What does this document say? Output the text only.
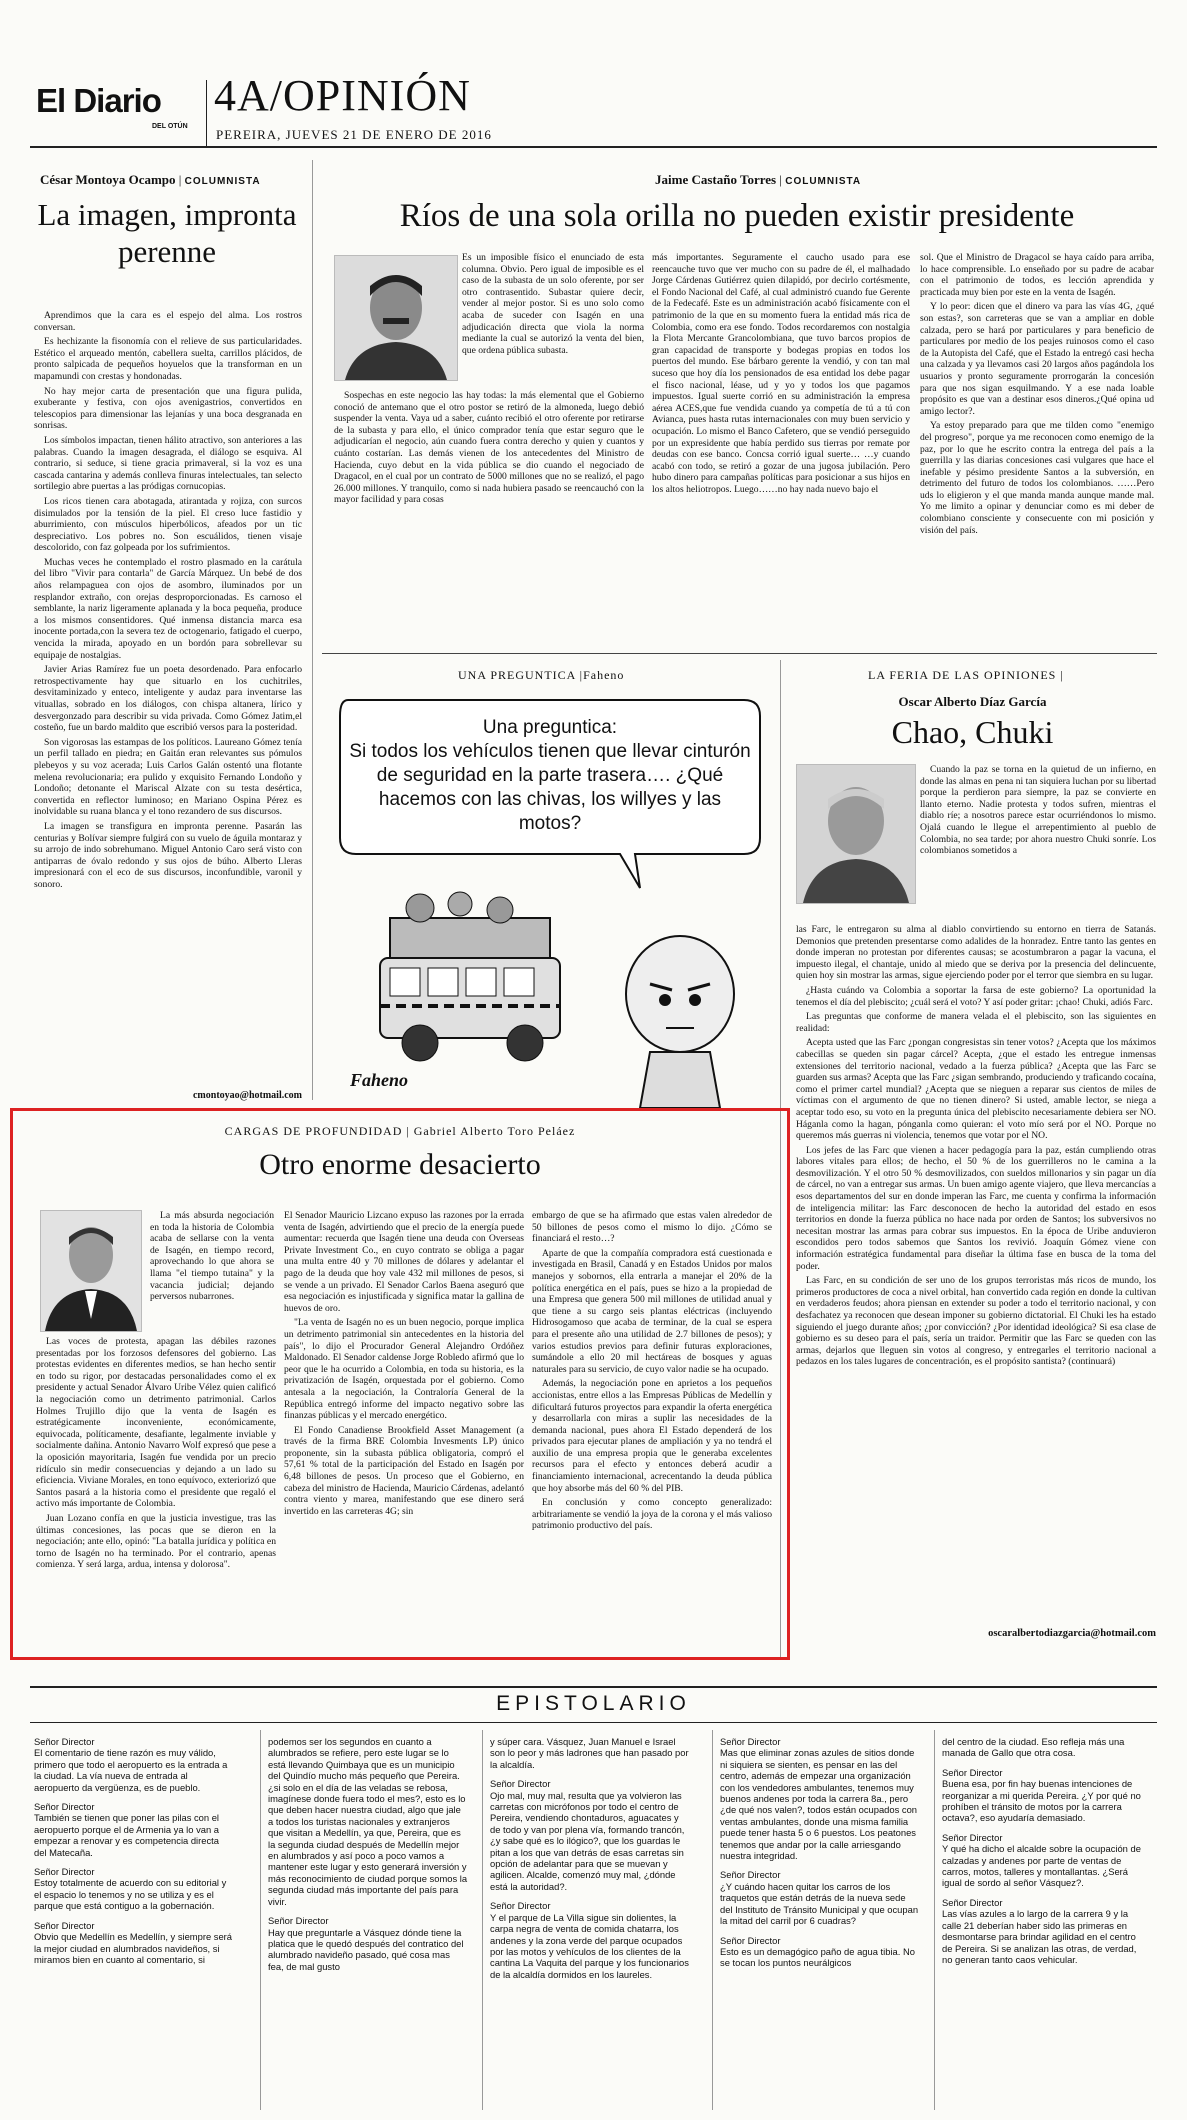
El Diario
DEL OTÚN
4A/OPINIÓN
PEREIRA, JUEVES 21 DE ENERO DE 2016
César Montoya Ocampo | COLUMNISTA
La imagen, impronta perenne

Aprendimos que la cara es el espejo del alma. Los rostros conversan.

Es hechizante la fisonomía con el relieve de sus particularidades. Estético el arqueado mentón, cabellera suelta, carrillos plácidos, de pronto salpicada de pequeños hoyuelos que la transforman en un mapamundi con crestas y hondonadas.

No hay mejor carta de presentación que una figura pulida, exuberante y festiva, con ojos avenigastrios, convertidos en telescopios para dimensionar las lejanías y una boca desgranada en sonrisas.

Los símbolos impactan, tienen hálito atractivo, son anteriores a las palabras. Cuando la imagen desagrada, el diálogo se esquiva. Al contrario, si seduce, si tiene gracia primaveral, si la voz es una cascada cantarina y además conlleva finuras intelectuales, tan selecto sortilegio abre puertas a las pródigas cornucopias.

Los ricos tienen cara abotagada, atirantada y rojiza, con surcos disimulados por la tensión de la piel. El creso luce fastidio y aburrimiento, con músculos hiperbólicos, afeados por un tic despreciativo. Los pobres no. Son escuálidos, tienen visaje descolorido, con faz golpeada por los sufrimientos.

Muchas veces he contemplado el rostro plasmado en la carátula del libro "Vivir para contarla" de García Márquez. Un bebé de dos años relampaguea con ojos de asombro, iluminados por un resplandor extraño, con orejas desproporcionadas. Es carnoso el semblante, la nariz ligeramente aplanada y la boca pequeña, produce a los mismos consentidores. Qué inmensa distancia marca esa inocente portada,con la severa tez de octogenario, fatigado el cuerpo, vencida la mirada, apoyado en un bordón para sobrellevar su equipaje de nostalgias.

Javier Arias Ramírez fue un poeta desordenado. Para enfocarlo retrospectivamente hay que situarlo en los cuchitriles, desvitaminizado y enteco, inteligente y audaz para inventarse las vituallas, sobrado en los diálogos, con chispa altanera, lírico y desvergonzado para describir su vida privada. Como Gómez Jatim,el costeño, fue un bardo maldito que escribió versos para la posteridad.

Son vigorosas las estampas de los políticos. Laureano Gómez tenía un perfil tallado en piedra; en Gaitán eran relevantes sus pómulos plebeyos y su voz acerada; Luis Carlos Galán ostentó una flotante melena revolucionaria; era pulido y exquisito Fernando Londoño y Londoño; detonante el Mariscal Alzate con su testa desértica, convertida en reflector luminoso; en Mariano Ospina Pérez es inolvidable su ruana blanca y el tono rezandero de sus discursos.

La imagen se transfigura en impronta perenne. Pasarán las centurias y Bolívar siempre fulgirá con su vuelo de águila montaraz y su arrojo de indo sobrehumano. Miguel Antonio Caro será visto con antiparras de óvalo redondo y sus ojos de búho. Alberto Lleras impresionará con el eco de sus discursos, inconfundible, varonil y sonoro.

cmontoyao@hotmail.com
Jaime Castaño Torres | COLUMNISTA
Ríos de una sola orilla no pueden existir presidente

Es un imposible físico el enunciado de esta columna. Obvio. Pero igual de imposible es el caso de la subasta de un solo oferente, por ser otro contrasentido. Subastar quiere decir, vender al mejor postor. Si es uno solo como acaba de suceder con Isagén en una adjudicación directa que viola la norma mediante la cual se autorizó la venta del bien, que ordena pública subasta.

Sospechas en este negocio las hay todas: la más elemental que el Gobierno conoció de antemano que el otro postor se retiró de la almoneda, luego debió suspender la venta. Vaya ud a saber, cuánto recibió el otro oferente por retirarse de la subasta y para ello, el único comprador tenía que estar seguro que le adjudicarían el negocio, aún cuando fuera contra derecho y quien y cuantos y cuánto costarían. Las demás vienen de los antecedentes del Ministro de Hacienda, cuyo debut en la vida pública se dio cuando el negociado de Dragacol, en el cual por un contrato de 5000 millones que no se realizó, el pago 26.000 millones. Y tranquilo, como si nada hubiera pasado se reencauchó con la mayor facilidad y para cosas

más importantes. Seguramente el caucho usado para ese reencauche tuvo que ver mucho con su padre de él, el malhadado Jorge Cárdenas Gutiérrez quien dilapidó, por decirlo cortésmente, el Fondo Nacional del Café, al cual administró cuando fue Gerente de la Fedecafé. Este es un administración acabó físicamente con el patrimonio de la que en su momento fuera la entidad más rica de Colombia, como era ese fondo. Todos recordaremos con nostalgia la Flota Mercante Grancolombiana, que tuvo barcos propios de gran capacidad de transporte y bodegas propias en todos los puertos del mundo. Ese bárbaro gerente la vendió, y con tan mal suceso que hoy día los pensionados de esa entidad los debe pagar el fisco nacional, léase, ud y yo y todos los que pagamos impuestos. Igual suerte corrió en su administración la empresa aérea ACES,que fue vendida cuando ya competía de tú a tú con Avianca, pues hasta rutas internacionales con muy buen servicio y ocupación. Lo mismo el Banco Cafetero, que se vendió perseguido por un expresidente que había perdido sus tierras por remate por deudas con ese banco. Concsa corrió igual suerte… …y cuando acabó con todo, se retiró a gozar de una jugosa jubilación. Pero hubo dinero para campañas políticas para posicionar a sus hijos en los altos heliotropos. Luego……no hay nada nuevo bajo el

sol. Que el Ministro de Dragacol se haya caído para arriba, lo hace comprensible. Lo enseñado por su padre de acabar con el patrimonio de todos, es lección aprendida y practicada muy bien por este en la venta de Isagén.

Y lo peor: dicen que el dinero va para las vías 4G, ¿qué son estas?, son carreteras que se van a ampliar en doble calzada, pero se hará por particulares y para beneficio de particulares por medio de los peajes ruinosos como el caso de la Autopista del Café, que el Estado la entregó casi hecha una calzada y ya llevamos casi 20 largos años pagándola los usuarios y pronto seguramente prorrogarán la concesión para que nos sigan esquilmando. Y a ese nada loable propósito es que van a destinar esos dineros.¿Qué opina ud amigo lector?.

Ya estoy preparado para que me tilden como "enemigo del progreso", porque ya me reconocen como enemigo de la paz, por lo que he escrito contra la entrega del país a la guerrilla y las diarias concesiones casi vulgares que hace el inefable y pésimo presidente Santos a la subversión, en detrimento del futuro de todos los colombianos. ……Pero uds lo eligieron y el que manda manda aunque mande mal. Yo me limito a opinar y denunciar como es mi deber de colombiano consciente y consecuente con mi posición y visión del país.

UNA PREGUNTICA |Faheno
Una preguntica:
Si todos los vehículos tienen que llevar cinturón de seguridad en la parte trasera…. ¿Qué hacemos con las chivas, los willyes y las motos?
Faheno
LA FERIA DE LAS OPINIONES |
Oscar Alberto Díaz García
Chao, Chuki

Cuando la paz se torna en la quietud de un infierno, en donde las almas en pena ni tan siquiera luchan por su libertad porque la perdieron para siempre, la paz se convierte en llanto eterno. Nadie protesta y todos sufren, mientras el diablo ríe; a nosotros parece estar ocurriéndonos lo mismo. Ojalá cuando le llegue el arrepentimiento al pueblo de Colombia, no sea tarde; por ahora nuestro Chuki sonríe. Los colombianos sometidos a

las Farc, le entregaron su alma al diablo convirtiendo su entorno en tierra de Satanás. Demonios que pretenden presentarse como adalides de la honradez. Entre tanto las gentes en donde imperan no protestan por diferentes causas; se acostumbraron a pagar la vacuna, el impuesto ilegal, el chantaje, unido al miedo que se deriva por la presencia del delincuente, quien hoy sin mostrar las armas, sigue ejerciendo poder por el terror que siembra en su lugar.

¿Hasta cuándo va Colombia a soportar la farsa de este gobierno? La oportunidad la tenemos el día del plebiscito; ¿cuál será el voto? Y así poder gritar: ¡chao! Chuki, adiós Farc.

Las preguntas que conforme de manera velada el el plebiscito, son las siguientes en realidad:

Acepta usted que las Farc ¿pongan congresistas sin tener votos? ¿Acepta que los máximos cabecillas se queden sin pagar cárcel? Acepta, ¿que el estado les entregue inmensas extensiones del territorio nacional, vedado a la fuerza pública? ¿Acepta que las Farc se guarden sus armas? Acepta que las Farc ¿sigan sembrando, produciendo y traficando cocaína, como el primer cartel mundial? ¿Acepta que se nieguen a reparar sus cientos de miles de víctimas con el argumento de que no tienen dinero? Si usted, amable lector, se niega a aceptar todo eso, su voto en la pregunta única del plebiscito necesariamente debiera ser NO. Háganla como la hagan, pónganla como quieran: el voto mío será por el NO. Porque no queremos más guerras ni violencia, tenemos que votar por el NO.

Los jefes de las Farc que vienen a hacer pedagogía para la paz, están cumpliendo otras labores vitales para ellos; de hecho, el 50 % de los guerrilleros no le camina a la desmovilización. Y el otro 50 % desmovilizados, con sueldos millonarios y sin pagar un día de cárcel, no van a entregar sus armas. Un buen amigo agente viajero, que lleva mercancías a esos departamentos del sur en donde imperan las Farc, me cuenta y confirma la información de inteligencia militar: las Farc desconocen de hecho la autoridad del estado en esos territorios en donde la fuerza pública no hace nada por orden de Santos; los subversivos no necesitan mostrar las armas para cobrar sus impuestos. En la época de Uribe anduvieron escondidos pero todos sabemos que Santos los revivió. Joaquín Gómez viene con información estratégica fundamental para diseñar la última fase en busca de la toma del poder.

Las Farc, en su condición de ser uno de los grupos terroristas más ricos de mundo, los primeros productores de coca a nivel orbital, han convertido cada región en donde la cultivan en verdaderos feudos; ahora piensan en extender su poder a todo el territorio nacional, y con desfachatez ya reconocen que desean imponer su gobierno dictatorial. El Chuki les ha estado siguiendo el juego durante años; ¿por convicción? ¿Por identidad ideológica? Si esa clase de gobierno es su deseo para el país, sería un traidor. Permitir que las Farc se queden con las armas, dejarlos que lleguen sin votos al congreso, y entregarles el territorio nacional a pedazos en los tales lugares de concentración, es el propósito santista? (continuará)

oscaralbertodiazgarcia@hotmail.com
CARGAS DE PROFUNDIDAD | Gabriel Alberto Toro Peláez
Otro enorme desacierto

La más absurda negociación en toda la historia de Colombia acaba de sellarse con la venta de Isagén, en tiempo record, aprovechando lo que ahora se llama "el tiempo tutaina" y la vacancia judicial; dejando perversos nubarrones.

Las voces de protesta, apagan las débiles razones presentadas por los forzosos defensores del gobierno. Las protestas evidentes en diferentes medios, se han hecho sentir en todo su rigor, por destacadas personalidades como el ex presidente y actual Senador Álvaro Uribe Vélez quien calificó la negociación como un detrimento patrimonial. Carlos Holmes Trujillo dijo que la venta de Isagén es estratégicamente inconveniente, económicamente, equivocada, políticamente, desafiante, legalmente inviable y socialmente dañina. Antonio Navarro Wolf expresó que pese a la oposición mayoritaria, Isagén fue vendida por un precio ridículo sin medir consecuencias y dejando a un lado su eficiencia. Viviane Morales, en tono equívoco, exteriorizó que Santos pasará a la historia como el presidente que regaló el activo más importante de Colombia.

Juan Lozano confía en que la justicia investigue, tras las últimas concesiones, las pocas que se dieron en la negociación; ante ello, opinó: "La batalla jurídica y política en torno de Isagén no ha terminado. Por el contrario, apenas comienza. Y será larga, ardua, intensa y dolorosa".

El Senador Mauricio Lizcano expuso las razones por la errada venta de Isagén, advirtiendo que el precio de la energía puede aumentar: recuerda que Isagén tiene una deuda con Overseas Private Investment Co., en cuyo contrato se obliga a pagar una multa entre 40 y 70 millones de dólares y adelantar el pago de la deuda que hoy vale 432 mil millones de pesos, si se vende a un privado. El Senador Carlos Baena aseguró que esa negociación es injustificada y significa matar la gallina de huevos de oro.

"La venta de Isagén no es un buen negocio, porque implica un detrimento patrimonial sin antecedentes en la historia del país", lo dijo el Procurador General Alejandro Ordóñez Maldonado. El Senador caldense Jorge Robledo afirmó que lo peor que le ha ocurrido a Colombia, en toda su historia, es la privatización de Isagén, orquestada por el gobierno. Como antesala a la negociación, la Contraloría General de la República entregó informe del impacto negativo sobre las finanzas públicas y el mercado energético.

El Fondo Canadiense Brookfield Asset Management (a través de la firma BRE Colombia Invesments LP) único proponente, sin la subasta pública obligatoria, compró el 57,61 % total de la participación del Estado en Isagén por 6,48 billones de pesos. Un proceso que el Gobierno, en cabeza del ministro de Hacienda, Mauricio Cárdenas, adelantó contra viento y marea, manifestando que ese dinero será invertido en las carreteras 4G; sin

embargo de que se ha afirmado que estas valen alrededor de 50 billones de pesos como el mismo lo dijo. ¿Cómo se financiará el resto…?

Aparte de que la compañía compradora está cuestionada e investigada en Brasil, Canadá y en Estados Unidos por malos manejos y sobornos, ella entrarla a manejar el 20% de la política energética en el país, pues se hizo a la propiedad de una Empresa que genera 500 mil millones de utilidad anual y que tiene a su cargo seis plantas eléctricas (incluyendo Hidrosogamoso que acaba de terminar, de la cual se espera para el presente año una utilidad de 2.7 billones de pesos); y varios estudios previos para definir futuras exploraciones, sumándole a ello 20 mil hectáreas de bosques y aguas naturales para su servicio, de cuyo valor nadie se ha ocupado.

Además, la negociación pone en aprietos a los pequeños accionistas, entre ellos a las Empresas Públicas de Medellín y dificultará futuros proyectos para expandir la oferta energética y desarrollarla con miras a suplir las necesidades de la demanda nacional, pues ahora El Estado dependerá de los privados para ejecutar planes de ampliación y ya no tendrá el auxilio de una empresa propia que le generaba excelentes recursos para el efecto y entonces deberá acudir a financiamiento internacional, acrecentando la deuda pública que hoy absorbe más del 60 % del PIB.

En conclusión y como concepto generalizado: arbitrariamente se vendió la joya de la corona y el más valioso patrimonio productivo del país.

EPISTOLARIO
Señor Director

El comentario de tiene razón es muy válido, primero que todo el aeropuerto es la entrada a la ciudad. La vía nueva de entrada al aeropuerto da vergüenza, es de pueblo.

Señor Director

También se tienen que poner las pilas con el aeropuerto porque el de Armenia ya lo van a empezar a renovar y es competencia directa del Matecaña.

Señor Director

Estoy totalmente de acuerdo con su editorial y el espacio lo tenemos y no se utiliza y es el parque que está contiguo a la gobernación.

Señor Director

Obvio que Medellín es Medellín, y siempre será la mejor ciudad en alumbrados navideños, si miramos bien en cuanto al comentario, si

podemos ser los segundos en cuanto a alumbrados se refiere, pero este lugar se lo está llevando Quimbaya que es un municipio del Quindío mucho más pequeño que Pereira. ¿si solo en el día de las veladas se rebosa, imagínese donde fuera todo el mes?, esto es lo que deben hacer nuestra ciudad, algo que jale a todos los turistas nacionales y extranjeros que visitan a Medellín, ya que, Pereira, que es la segunda ciudad después de Medellín mejor en alumbrados y así poco a poco vamos a mantener este lugar y esto generará inversión y más reconocimiento de ciudad porque somos la segunda ciudad más importante del país para vivir.

Señor Director

Hay que preguntarle a Vásquez dónde tiene la platica que le quedó después del contratico del alumbrado navideño pasado, qué cosa mas fea, de mal gusto

y súper cara. Vásquez, Juan Manuel e Israel son lo peor y más ladrones que han pasado por la alcaldía.

Señor Director

Ojo mal, muy mal, resulta que ya volvieron las carretas con micrófonos por todo el centro de Pereira, vendiendo chontaduros, aguacates y de todo y van por plena vía, formando trancón, ¿y sabe qué es lo ilógico?, que los guardas le pitan a los que van detrás de esas carretas sin opción de adelantar para que se muevan y agilicen. Alcalde, comenzó muy mal, ¿dónde está la autoridad?.

Señor Director

Y el parque de La Villa sigue sin dolientes, la carpa negra de venta de comida chatarra, los andenes y la zona verde del parque ocupados por las motos y vehículos de los clientes de la cantina La Vaquita del parque y los funcionarios de la alcaldía dormidos en los laureles.

Señor Director

Mas que eliminar zonas azules de sitios donde ni siquiera se sienten, es pensar en las del centro, además de empezar una organización con los vendedores ambulantes, tenemos muy buenos andenes por toda la carrera 8a., pero ¿de qué nos valen?, todos están ocupados con ventas ambulantes, donde una misma familia puede tener hasta 5 o 6 puestos. Los peatones tenemos que andar por la calle arriesgando nuestra integridad.

Señor Director

¿Y cuándo hacen quitar los carros de los traquetos que están detrás de la nueva sede del Instituto de Tránsito Municipal y que ocupan la mitad del carril por 6 cuadras?

Señor Director

Esto es un demagógico paño de agua tibia. No se tocan los puntos neurálgicos

del centro de la ciudad. Eso refleja más una manada de Gallo que otra cosa.

Señor Director

Buena esa, por fin hay buenas intenciones de reorganizar a mi querida Pereira. ¿Y por qué no prohíben el tránsito de motos por la carrera octava?, eso ayudaría demasiado.

Señor Director

Y qué ha dicho el alcalde sobre la ocupación de calzadas y andenes por parte de ventas de carros, motos, talleres y montallantas. ¿Será igual de sordo al señor Vásquez?.

Señor Director

Las vías azules a lo largo de la carrera 9 y la calle 21 deberían haber sido las primeras en desmontarse para brindar agilidad en el centro de Pereira. Si se analizan las otras, de verdad, no generan tanto caos vehicular.
